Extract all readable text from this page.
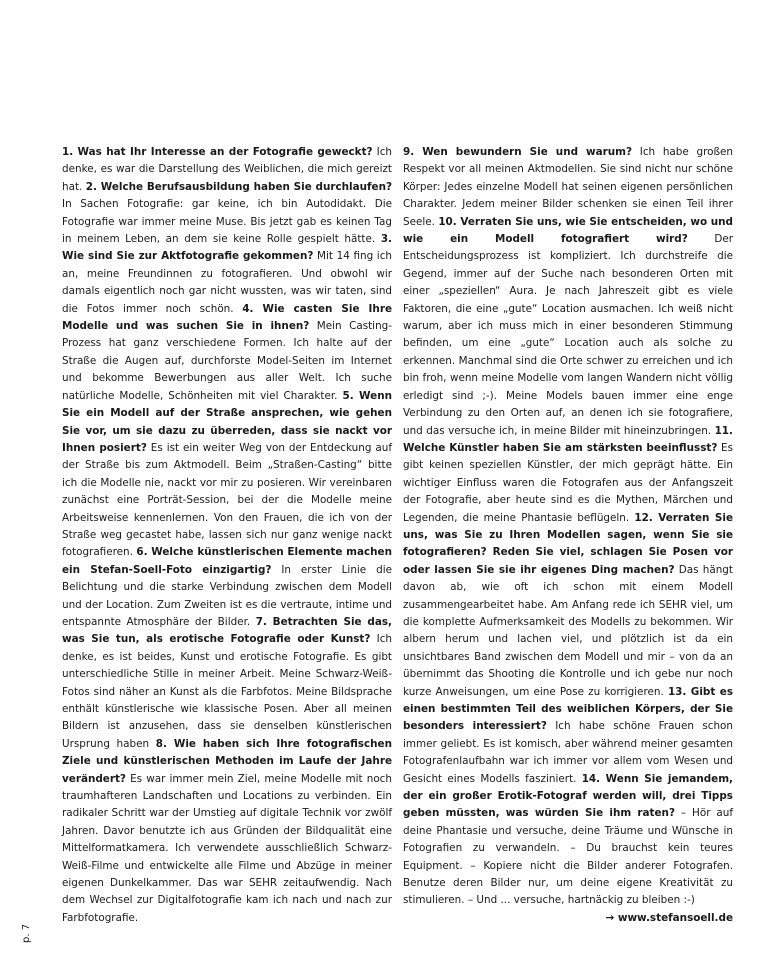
1. Was hat Ihr Interesse an der Fotografie geweckt? Ich denke, es war die Darstellung des Weiblichen, die mich gereizt hat. 2. Welche Berufsausbildung haben Sie durchlaufen? In Sachen Fotografie: gar keine, ich bin Autodidakt. Die Fotografie war immer meine Muse. Bis jetzt gab es keinen Tag in meinem Leben, an dem sie keine Rolle gespielt hätte. 3. Wie sind Sie zur Aktfotografie gekommen? Mit 14 fing ich an, meine Freundinnen zu fotografieren. Und obwohl wir damals eigentlich noch gar nicht wussten, was wir taten, sind die Fotos immer noch schön. 4. Wie casten Sie Ihre Modelle und was suchen Sie in ihnen? Mein Casting-Prozess hat ganz verschiedene Formen. Ich halte auf der Straße die Augen auf, durchforste Model-Seiten im Internet und bekomme Bewerbungen aus aller Welt. Ich suche natürliche Modelle, Schönheiten mit viel Charakter. 5. Wenn Sie ein Modell auf der Straße ansprechen, wie gehen Sie vor, um sie dazu zu überreden, dass sie nackt vor Ihnen posiert? Es ist ein weiter Weg von der Entdeckung auf der Straße bis zum Aktmodell. Beim „Straßen-Casting“ bitte ich die Modelle nie, nackt vor mir zu posieren. Wir vereinbaren zunächst eine Porträt-Session, bei der die Modelle meine Arbeitsweise kennenlernen. Von den Frauen, die ich von der Straße weg gecastet habe, lassen sich nur ganz wenige nackt fotografieren. 6. Welche künstlerischen Elemente machen ein Stefan-Soell-Foto einzigartig? In erster Linie die Belichtung und die starke Verbindung zwischen dem Modell und der Location. Zum Zweiten ist es die vertraute, intime und entspannte Atmosphäre der Bilder. 7. Betrachten Sie das, was Sie tun, als erotische Fotografie oder Kunst? Ich denke, es ist beides, Kunst und erotische Fotografie. Es gibt unterschiedliche Stille in meiner Arbeit. Meine Schwarz-Weiß-Fotos sind näher an Kunst als die Farbfotos. Meine Bildsprache enthält künstlerische wie klassische Posen. Aber all meinen Bildern ist anzusehen, dass sie denselben künstlerischen Ursprung haben 8. Wie haben sich Ihre fotografischen Ziele und künstlerischen Methoden im Laufe der Jahre verändert? Es war immer mein Ziel, meine Modelle mit noch traumhafteren Landschaften und Locations zu verbinden. Ein radikaler Schritt war der Umstieg auf digitale Technik vor zwölf Jahren. Davor benutzte ich aus Gründen der Bildqualität eine Mittelformatkamera. Ich verwendete ausschließlich Schwarz-Weiß-Filme und entwickelte alle Filme und Abzüge in meiner eigenen Dunkelkammer. Das war SEHR zeitaufwendig. Nach dem Wechsel zur Digitalfotografie kam ich nach und nach zur Farbfotografie.
9. Wen bewundern Sie und warum? Ich habe großen Respekt vor all meinen Aktmodellen. Sie sind nicht nur schöne Körper: Jedes einzelne Modell hat seinen eigenen persönlichen Charakter. Jedem meiner Bilder schenken sie einen Teil ihrer Seele. 10. Verraten Sie uns, wie Sie entscheiden, wo und wie ein Modell fotografiert wird? Der Entscheidungsprozess ist kompliziert. Ich durchstreife die Gegend, immer auf der Suche nach besonderen Orten mit einer „speziellen“ Aura. Je nach Jahreszeit gibt es viele Faktoren, die eine „gute“ Location ausmachen. Ich weiß nicht warum, aber ich muss mich in einer besonderen Stimmung befinden, um eine „gute“ Location auch als solche zu erkennen. Manchmal sind die Orte schwer zu erreichen und ich bin froh, wenn meine Modelle vom langen Wandern nicht völlig erledigt sind ;-). Meine Models bauen immer eine enge Verbindung zu den Orten auf, an denen ich sie fotografiere, und das versuche ich, in meine Bilder mit hineinzubringen. 11. Welche Künstler haben Sie am stärksten beeinflusst? Es gibt keinen speziellen Künstler, der mich geprägt hätte. Ein wichtiger Einfluss waren die Fotografen aus der Anfangszeit der Fotografie, aber heute sind es die Mythen, Märchen und Legenden, die meine Phantasie beflügeln. 12. Verraten Sie uns, was Sie zu Ihren Modellen sagen, wenn Sie sie fotografieren? Reden Sie viel, schlagen Sie Posen vor oder lassen Sie sie ihr eigenes Ding machen? Das hängt davon ab, wie oft ich schon mit einem Modell zusammengearbeitet habe. Am Anfang rede ich SEHR viel, um die komplette Aufmerksamkeit des Modells zu bekommen. Wir albern herum und lachen viel, und plötzlich ist da ein unsichtbares Band zwischen dem Modell und mir – von da an übernimmt das Shooting die Kontrolle und ich gebe nur noch kurze Anweisungen, um eine Pose zu korrigieren. 13. Gibt es einen bestimmten Teil des weiblichen Körpers, der Sie besonders interessiert? Ich habe schöne Frauen schon immer geliebt. Es ist komisch, aber während meiner gesamten Fotografenlaufbahn war ich immer vor allem vom Wesen und Gesicht eines Modells fasziniert. 14. Wenn Sie jemandem, der ein großer Erotik-Fotograf werden will, drei Tipps geben müssten, was würden Sie ihm raten? – Hör auf deine Phantasie und versuche, deine Träume und Wünsche in Fotografien zu verwandeln. – Du brauchst kein teures Equipment. – Kopiere nicht die Bilder anderer Fotografen. Benutze deren Bilder nur, um deine eigene Kreativität zu stimulieren. – Und ... versuche, hartnäckig zu bleiben :-)
→ www.stefansoell.de
p. 7
